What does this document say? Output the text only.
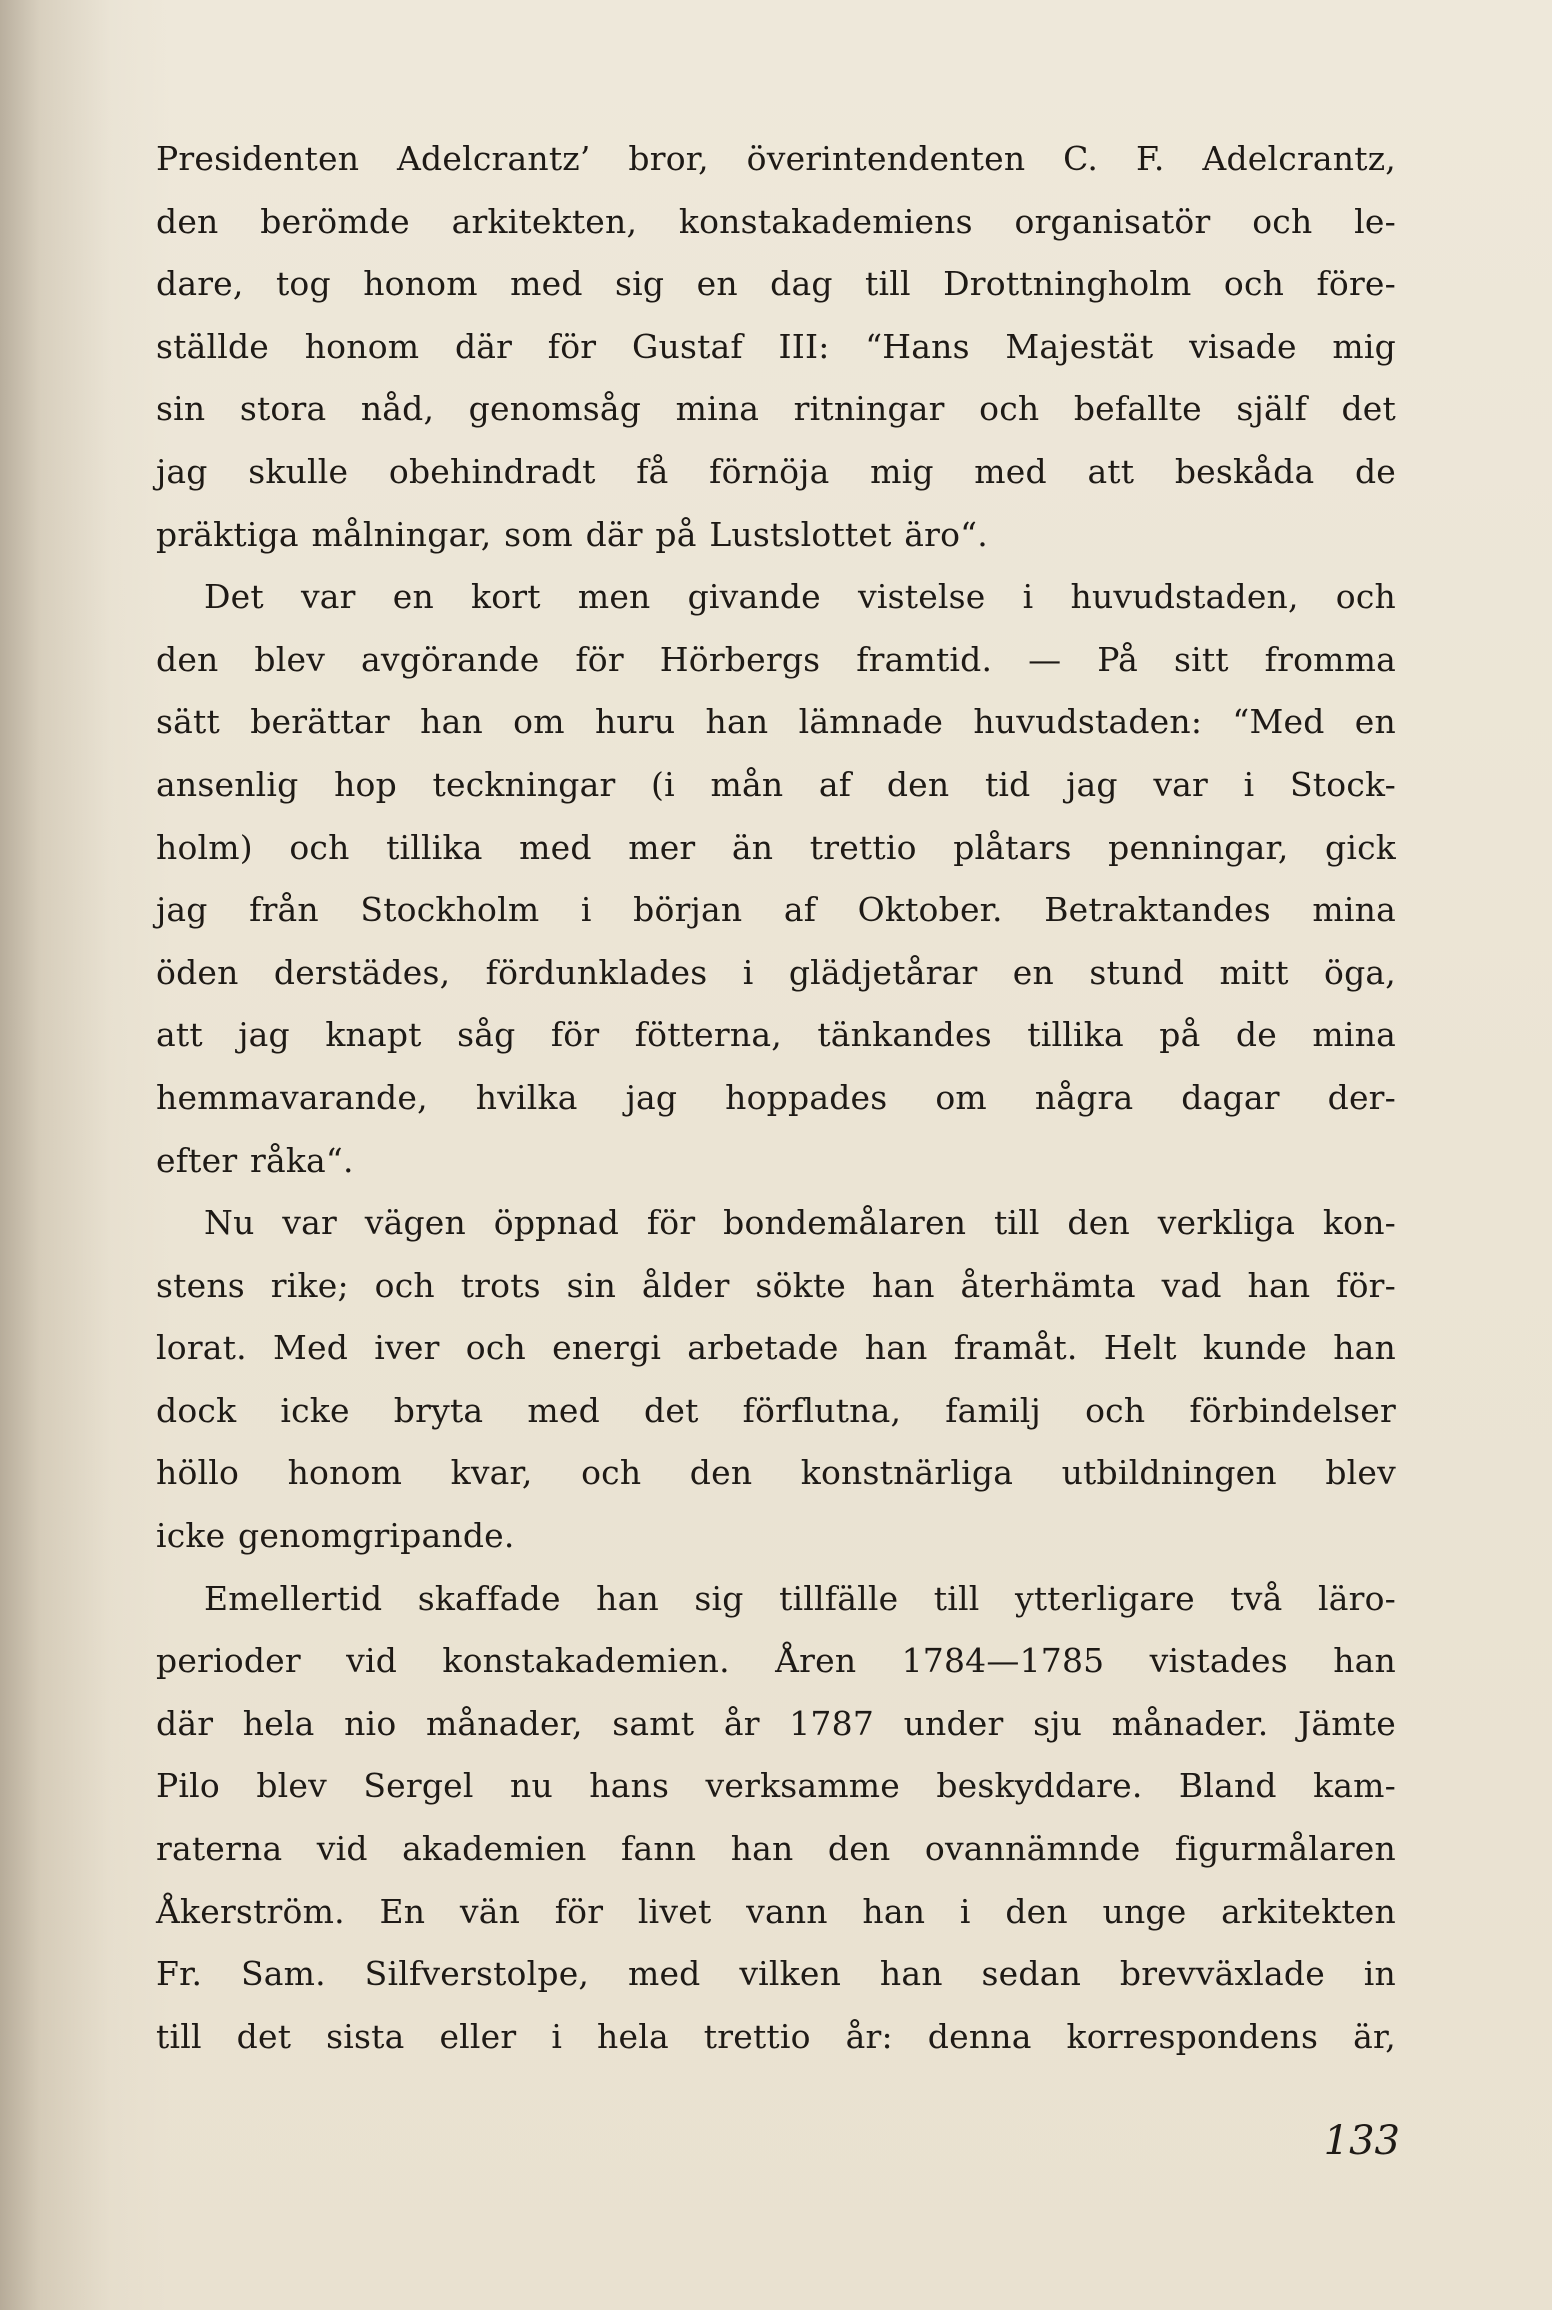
Presidenten Adelcrantz’ bror, överintendenten C. F. Adelcrantz,
den berömde arkitekten, konstakademiens organisatör och le-
dare, tog honom med sig en dag till Drottningholm och före-
ställde honom där för Gustaf III: “Hans Majestät visade mig
sin stora nåd, genomsåg mina ritningar och befallte själf det
jag skulle obehindradt få förnöja mig med att beskåda de
präktiga målningar, som där på Lustslottet äro“.
Det var en kort men givande vistelse i huvudstaden, och
den blev avgörande för Hörbergs framtid. — På sitt fromma
sätt berättar han om huru han lämnade huvudstaden: “Med en
ansenlig hop teckningar (i mån af den tid jag var i Stock-
holm) och tillika med mer än trettio plåtars penningar, gick
jag från Stockholm i början af Oktober. Betraktandes mina
öden derstädes, fördunklades i glädjetårar en stund mitt öga,
att jag knapt såg för fötterna, tänkandes tillika på de mina
hemmavarande, hvilka jag hoppades om några dagar der-
efter råka“.
Nu var vägen öppnad för bondemålaren till den verkliga kon-
stens rike; och trots sin ålder sökte han återhämta vad han för-
lorat. Med iver och energi arbetade han framåt. Helt kunde han
dock icke bryta med det förflutna, familj och förbindelser
höllo honom kvar, och den konstnärliga utbildningen blev
icke genomgripande.
Emellertid skaffade han sig tillfälle till ytterligare två läro-
perioder vid konstakademien. Åren 1784—1785 vistades han
där hela nio månader, samt år 1787 under sju månader. Jämte
Pilo blev Sergel nu hans verksamme beskyddare. Bland kam-
raterna vid akademien fann han den ovannämnde figurmålaren
Åkerström. En vän för livet vann han i den unge arkitekten
Fr. Sam. Silfverstolpe, med vilken han sedan brevväxlade in
till det sista eller i hela trettio år: denna korrespondens är,
133
